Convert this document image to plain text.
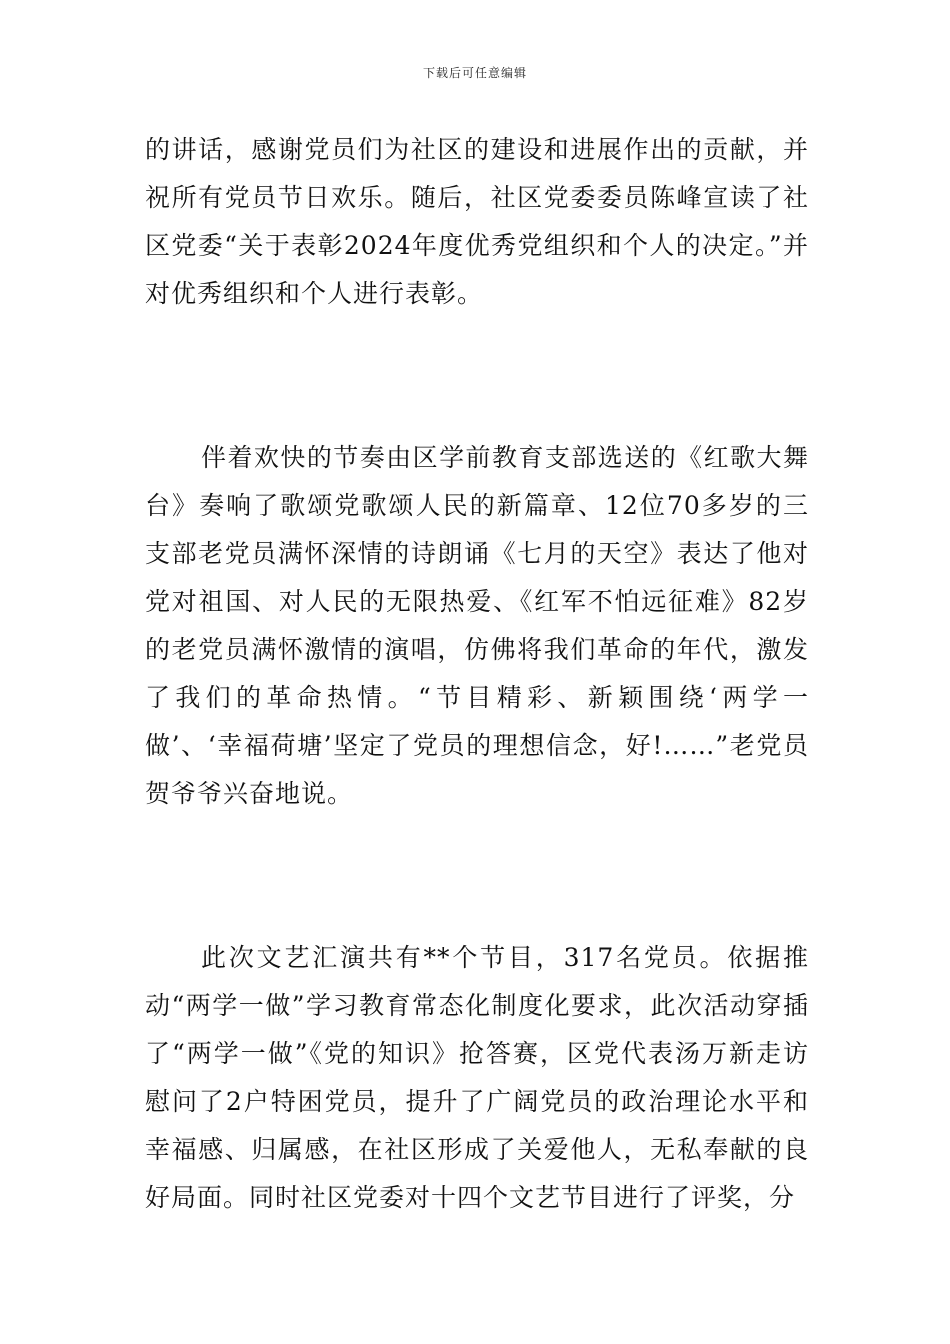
下载后可任意编辑

的讲话，感谢党员们为社区的建设和进展作出的贡献，并祝所有党员节日欢乐。随后，社区党委委员陈峰宣读了社区党委“关于表彰2024年度优秀党组织和个人的决定。”并对优秀组织和个人进行表彰。

伴着欢快的节奏由区学前教育支部选送的《红歌大舞台》奏响了歌颂党歌颂人民的新篇章、12位70多岁的三支部老党员满怀深情的诗朗诵《七月的天空》表达了他对党对祖国、对人民的无限热爱、《红军不怕远征难》82岁的老党员满怀激情的演唱，仿佛将我们革命的年代，激发了我们的革命热情。“节目精彩、新颖围绕‘两学一做’、‘幸福荷塘’坚定了党员的理想信念，好!……”老党员贺爷爷兴奋地说。

此次文艺汇演共有**个节目，317名党员。依据推动“两学一做”学习教育常态化制度化要求，此次活动穿插了“两学一做”《党的知识》抢答赛，区党代表汤万新走访慰问了2户特困党员，提升了广阔党员的政治理论水平和幸福感、归属感，在社区形成了关爱他人，无私奉献的良好局面。同时社区党委对十四个文艺节目进行了评奖，分
